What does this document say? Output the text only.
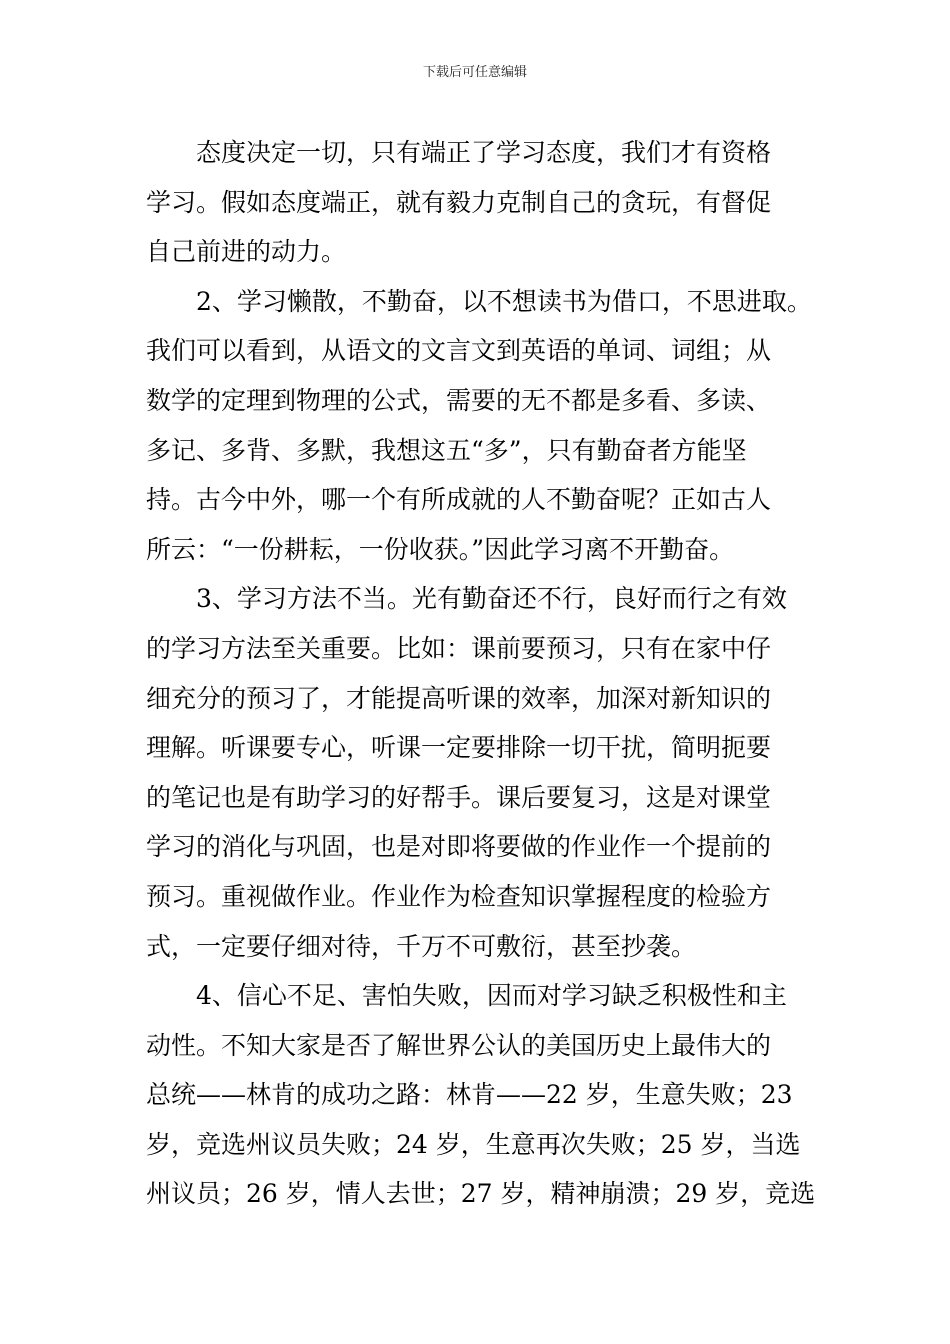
下载后可任意编辑
态度决定一切，只有端正了学习态度，我们才有资格
学习。假如态度端正，就有毅力克制自己的贪玩，有督促
自己前进的动力。
2、学习懒散，不勤奋，以不想读书为借口，不思进取。
我们可以看到，从语文的文言文到英语的单词、词组；从
数学的定理到物理的公式，需要的无不都是多看、多读、
多记、多背、多默，我想这五“多”，只有勤奋者方能坚
持。古今中外，哪一个有所成就的人不勤奋呢？正如古人
所云：“一份耕耘，一份收获。”因此学习离不开勤奋。
3、学习方法不当。光有勤奋还不行，良好而行之有效
的学习方法至关重要。比如：课前要预习，只有在家中仔
细充分的预习了，才能提高听课的效率，加深对新知识的
理解。听课要专心，听课一定要排除一切干扰，简明扼要
的笔记也是有助学习的好帮手。课后要复习，这是对课堂
学习的消化与巩固，也是对即将要做的作业作一个提前的
预习。重视做作业。作业作为检查知识掌握程度的检验方
式，一定要仔细对待，千万不可敷衍，甚至抄袭。
4、信心不足、害怕失败，因而对学习缺乏积极性和主
动性。不知大家是否了解世界公认的美国历史上最伟大的
总统——林肯的成功之路：林肯——22 岁，生意失败；23
岁，竞选州议员失败；24 岁，生意再次失败；25 岁，当选
州议员；26 岁，情人去世；27 岁，精神崩溃；29 岁，竞选
